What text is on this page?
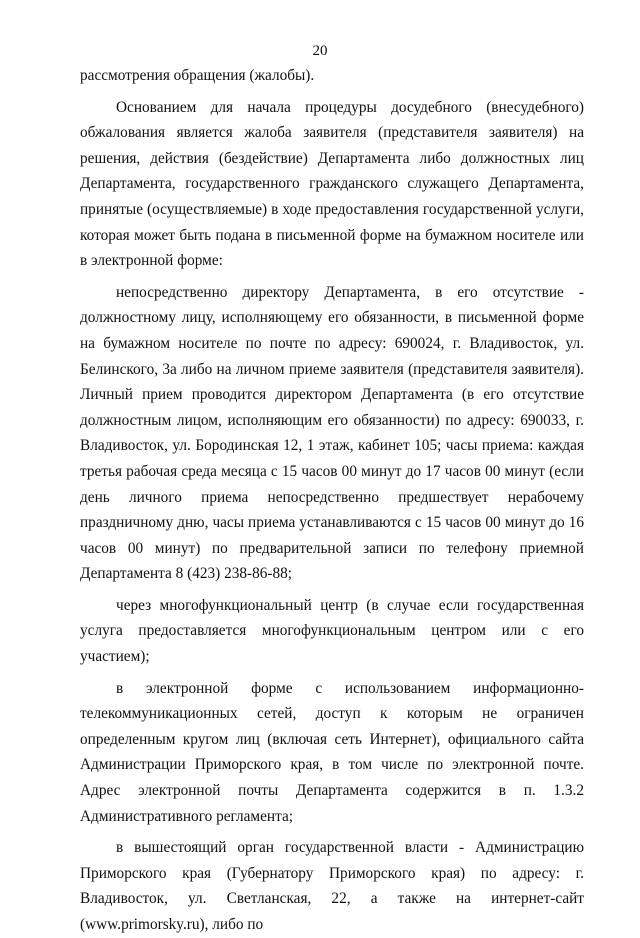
20

рассмотрения обращения (жалобы).

Основанием для начала процедуры досудебного (внесудебного) обжалования является жалоба заявителя (представителя заявителя) на решения, действия (бездействие) Департамента либо должностных лиц Департамента, государственного гражданского служащего Департамента, принятые (осуществляемые) в ходе предоставления государственной услуги, которая может быть подана в письменной форме на бумажном носителе или в электронной форме:

непосредственно директору Департамента, в его отсутствие - должностному лицу, исполняющему его обязанности, в письменной форме на бумажном носителе по почте по адресу: 690024, г. Владивосток, ул. Белинского, 3а либо на личном приеме заявителя (представителя заявителя). Личный прием проводится директором Департамента (в его отсутствие должностным лицом, исполняющим его обязанности) по адресу: 690033, г. Владивосток, ул. Бородинская 12, 1 этаж, кабинет 105; часы приема: каждая третья рабочая среда месяца с 15 часов 00 минут до 17 часов 00 минут (если день личного приема непосредственно предшествует нерабочему праздничному дню, часы приема устанавливаются с 15 часов 00 минут до 16 часов 00 минут) по предварительной записи по телефону приемной Департамента 8 (423) 238-86-88;

через многофункциональный центр (в случае если государственная услуга предоставляется многофункциональным центром или с его участием);

в электронной форме с использованием информационно-телекоммуникационных сетей, доступ к которым не ограничен определенным кругом лиц (включая сеть Интернет), официального сайта Администрации Приморского края, в том числе по электронной почте. Адрес электронной почты Департамента содержится в п. 1.3.2 Административного регламента;

в вышестоящий орган государственной власти - Администрацию Приморского края (Губернатору Приморского края) по адресу: г. Владивосток, ул. Светланская, 22, а также на интернет-сайт (www.primorsky.ru), либо по
